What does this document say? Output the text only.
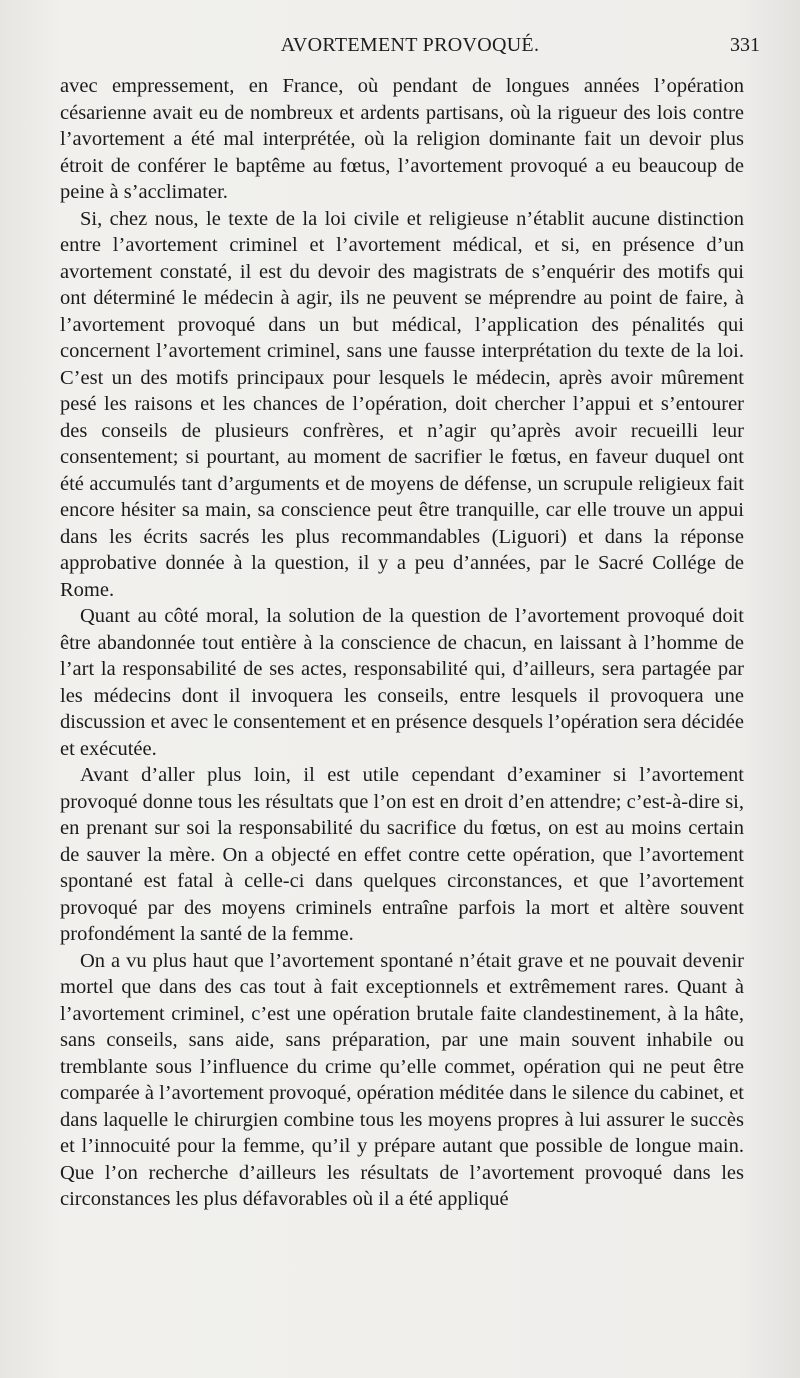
AVORTEMENT PROVOQUÉ.	331

avec empressement, en France, où pendant de longues années l’opération césarienne avait eu de nombreux et ardents partisans, où la rigueur des lois contre l’avortement a été mal interprétée, où la religion dominante fait un devoir plus étroit de conférer le baptême au fœtus, l’avortement provoqué a eu beaucoup de peine à s’acclimater.

Si, chez nous, le texte de la loi civile et religieuse n’établit aucune distinction entre l’avortement criminel et l’avortement médical, et si, en présence d’un avortement constaté, il est du devoir des magistrats de s’enquérir des motifs qui ont déterminé le médecin à agir, ils ne peuvent se méprendre au point de faire, à l’avortement provoqué dans un but médical, l’application des pénalités qui concernent l’avortement criminel, sans une fausse interprétation du texte de la loi. C’est un des motifs principaux pour lesquels le médecin, après avoir mûrement pesé les raisons et les chances de l’opération, doit chercher l’appui et s’entourer des conseils de plusieurs confrères, et n’agir qu’après avoir recueilli leur consentement; si pourtant, au moment de sacrifier le fœtus, en faveur duquel ont été accumulés tant d’arguments et de moyens de défense, un scrupule religieux fait encore hésiter sa main, sa conscience peut être tranquille, car elle trouve un appui dans les écrits sacrés les plus recommandables (Liguori) et dans la réponse approbative donnée à la question, il y a peu d’années, par le Sacré Collége de Rome.

Quant au côté moral, la solution de la question de l’avortement provoqué doit être abandonnée tout entière à la conscience de chacun, en laissant à l’homme de l’art la responsabilité de ses actes, responsabilité qui, d’ailleurs, sera partagée par les médecins dont il invoquera les conseils, entre lesquels il provoquera une discussion et avec le consentement et en présence desquels l’opération sera décidée et exécutée.

Avant d’aller plus loin, il est utile cependant d’examiner si l’avortement provoqué donne tous les résultats que l’on est en droit d’en attendre; c’est-à-dire si, en prenant sur soi la responsabilité du sacrifice du fœtus, on est au moins certain de sauver la mère. On a objecté en effet contre cette opération, que l’avortement spontané est fatal à celle-ci dans quelques circonstances, et que l’avortement provoqué par des moyens criminels entraîne parfois la mort et altère souvent profondément la santé de la femme.

On a vu plus haut que l’avortement spontané n’était grave et ne pouvait devenir mortel que dans des cas tout à fait exceptionnels et extrêmement rares. Quant à l’avortement criminel, c’est une opération brutale faite clandestinement, à la hâte, sans conseils, sans aide, sans préparation, par une main souvent inhabile ou tremblante sous l’influence du crime qu’elle commet, opération qui ne peut être comparée à l’avortement provoqué, opération méditée dans le silence du cabinet, et dans laquelle le chirurgien combine tous les moyens propres à lui assurer le succès et l’innocuité pour la femme, qu’il y prépare autant que possible de longue main. Que l’on recherche d’ailleurs les résultats de l’avortement provoqué dans les circonstances les plus défavorables où il a été appliqué
